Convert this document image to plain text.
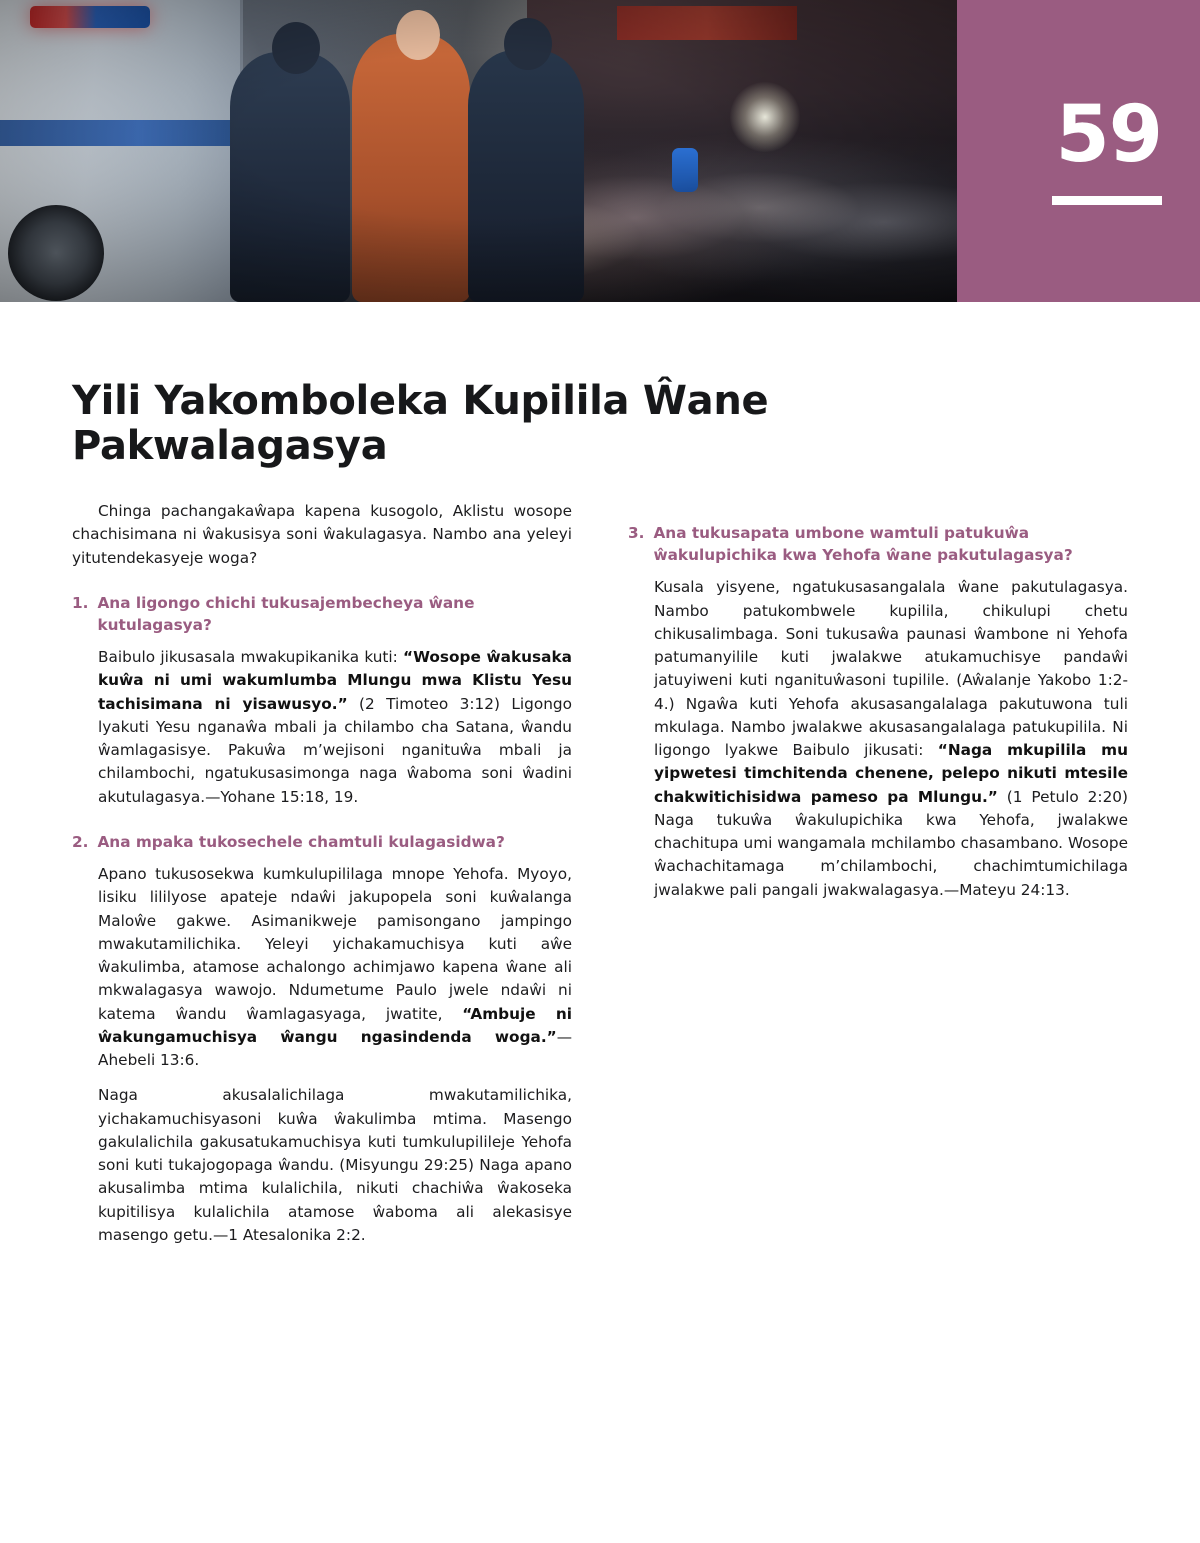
59
Yili Yakomboleka Kupilila Ŵane Pakwalagasya

Chinga pachangakaŵapa kapena kusogolo, Aklistu wosope chachisimana ni ŵakusisya soni ŵakulagasya. Nambo ana yeleyi yitutendekasyeje woga?

1. Ana ligongo chichi tukusajembecheya ŵane kutulagasya?

Baibulo jikusasala mwakupikanika kuti: “Wosope ŵakusaka kuŵa ni umi wakumlumba Mlungu mwa Klistu Yesu tachisimana ni yisawusyo.” (2 Timoteo 3:12) Ligongo lyakuti Yesu nganaŵa mbali ja chilambo cha Satana, ŵandu ŵamlagasisye. Pakuŵa m’wejisoni nganituŵa mbali ja chilambochi, ngatukusasimonga naga ŵaboma soni ŵadini akutulagasya.—Yohane 15:18, 19.

2. Ana mpaka tukosechele chamtuli kulagasidwa?

Apano tukusosekwa kumkulupililaga mnope Yehofa. Myoyo, lisiku lililyose apateje ndaŵi jakupopela soni kuŵalanga Maloŵe gakwe. Asimanikweje pamisongano jampingo mwakutamilichika. Yeleyi yichakamuchisya kuti aŵe ŵakulimba, atamose achalongo achimjawo kapena ŵane ali mkwalagasya wawojo. Ndumetume Paulo jwele ndaŵi ni katema ŵandu ŵamlagasyaga, jwatite, “Ambuje ni ŵakungamuchisya ŵangu ngasindenda woga.”—Ahebeli 13:6.

Naga akusalalichilaga mwakutamilichika, yichakamuchisyasoni kuŵa ŵakulimba mtima. Masengo gakulalichila gakusatukamuchisya kuti tumkulupilileje Yehofa soni kuti tukajogopaga ŵandu. (Misyungu 29:25) Naga apano akusalimba mtima kulalichila, nikuti chachiŵa ŵakoseka kupitilisya kulalichila atamose ŵaboma ali alekasisye masengo getu.—1 Atesalonika 2:2.

3. Ana tukusapata umbone wamtuli patukuŵa ŵakulupichika kwa Yehofa ŵane pakutulagasya?

Kusala yisyene, ngatukusasangalala ŵane pakutulagasya. Nambo patukombwele kupilila, chikulupi chetu chikusalimbaga. Soni tukusaŵa paunasi ŵambone ni Yehofa patumanyilile kuti jwalakwe atukamuchisye pandaŵi jatuyiweni kuti nganituŵasoni tupilile. (Aŵalanje Yakobo 1:2-4.) Ngaŵa kuti Yehofa akusasangalalaga pakutuwona tuli mkulaga. Nambo jwalakwe akusasangalalaga patukupilila. Ni ligongo lyakwe Baibulo jikusati: “Naga mkupilila mu yipwetesi timchitenda chenene, pelepo nikuti mtesile chakwitichisidwa pameso pa Mlungu.” (1 Petulo 2:20) Naga tukuŵa ŵakulupichika kwa Yehofa, jwalakwe chachitupa umi wangamala mchilambo chasambano. Wosope ŵachachitamaga m’chilambochi, chachimtumichilaga jwalakwe pali pangali jwakwalagasya.—Mateyu 24:13.
